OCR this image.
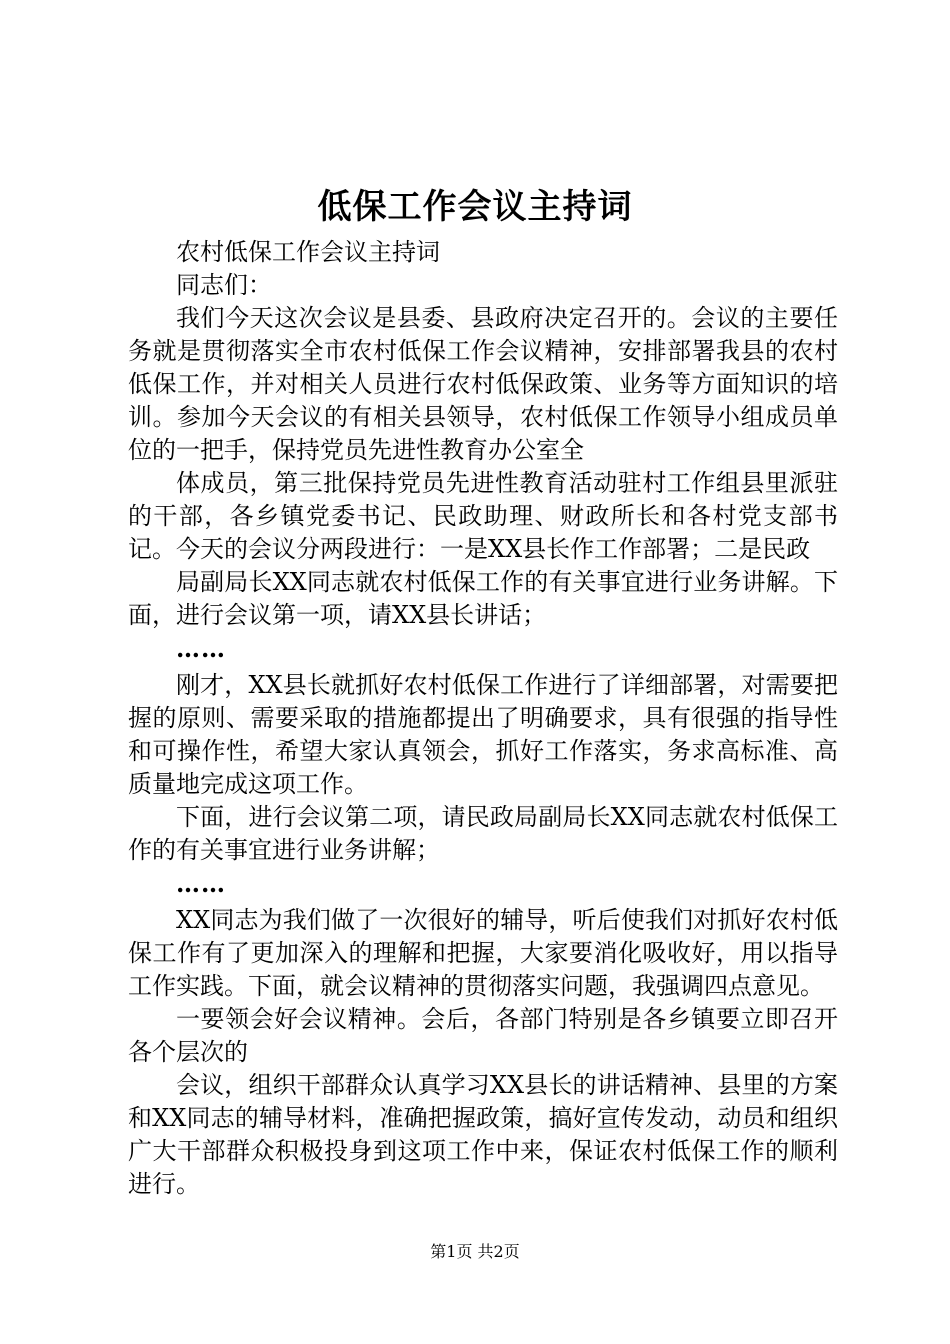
低保工作会议主持词

农村低保工作会议主持词

同志们：

我们今天这次会议是县委、县政府决定召开的。会议的主要任务就是贯彻落实全市农村低保工作会议精神，安排部署我县的农村低保工作，并对相关人员进行农村低保政策、业务等方面知识的培训。参加今天会议的有相关县领导，农村低保工作领导小组成员单位的一把手，保持党员先进性教育办公室全

体成员，第三批保持党员先进性教育活动驻村工作组县里派驻的干部，各乡镇党委书记、民政助理、财政所长和各村党支部书记。今天的会议分两段进行：一是XX县长作工作部署；二是民政

局副局长XX同志就农村低保工作的有关事宜进行业务讲解。下面，进行会议第一项，请XX县长讲话；

……

刚才，XX县长就抓好农村低保工作进行了详细部署，对需要把握的原则、需要采取的措施都提出了明确要求，具有很强的指导性和可操作性，希望大家认真领会，抓好工作落实，务求高标准、高质量地完成这项工作。

下面，进行会议第二项，请民政局副局长XX同志就农村低保工作的有关事宜进行业务讲解；

……

XX同志为我们做了一次很好的辅导，听后使我们对抓好农村低保工作有了更加深入的理解和把握，大家要消化吸收好，用以指导工作实践。下面，就会议精神的贯彻落实问题，我强调四点意见。

一要领会好会议精神。会后，各部门特别是各乡镇要立即召开各个层次的

会议，组织干部群众认真学习XX县长的讲话精神、县里的方案和XX同志的辅导材料，准确把握政策，搞好宣传发动，动员和组织广大干部群众积极投身到这项工作中来，保证农村低保工作的顺利进行。

第1页 共2页
